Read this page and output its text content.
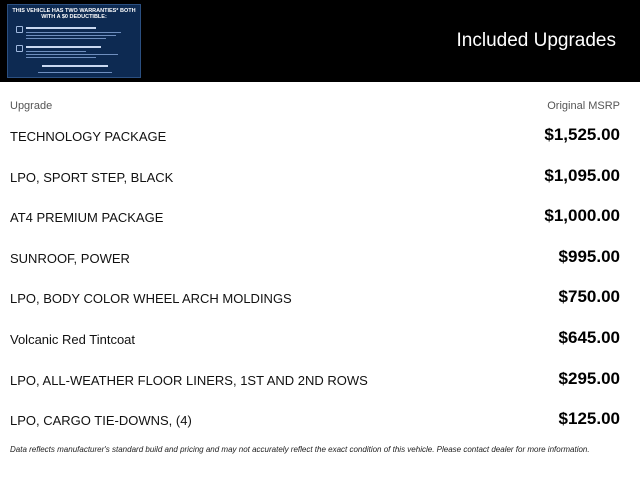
THIS VEHICLE HAS TWO WARRANTIES* BOTH WITH A $0 DEDUCTIBLE:
Included Upgrades
Upgrade	Original MSRP
TECHNOLOGY PACKAGE	$1,525.00
LPO, SPORT STEP, BLACK	$1,095.00
AT4 PREMIUM PACKAGE	$1,000.00
SUNROOF, POWER	$995.00
LPO, BODY COLOR WHEEL ARCH MOLDINGS	$750.00
Volcanic Red Tintcoat	$645.00
LPO, ALL-WEATHER FLOOR LINERS, 1ST AND 2ND ROWS	$295.00
LPO, CARGO TIE-DOWNS, (4)	$125.00
Data reflects manufacturer's standard build and pricing and may not accurately reflect the exact condition of this vehicle. Please contact dealer for more information.
